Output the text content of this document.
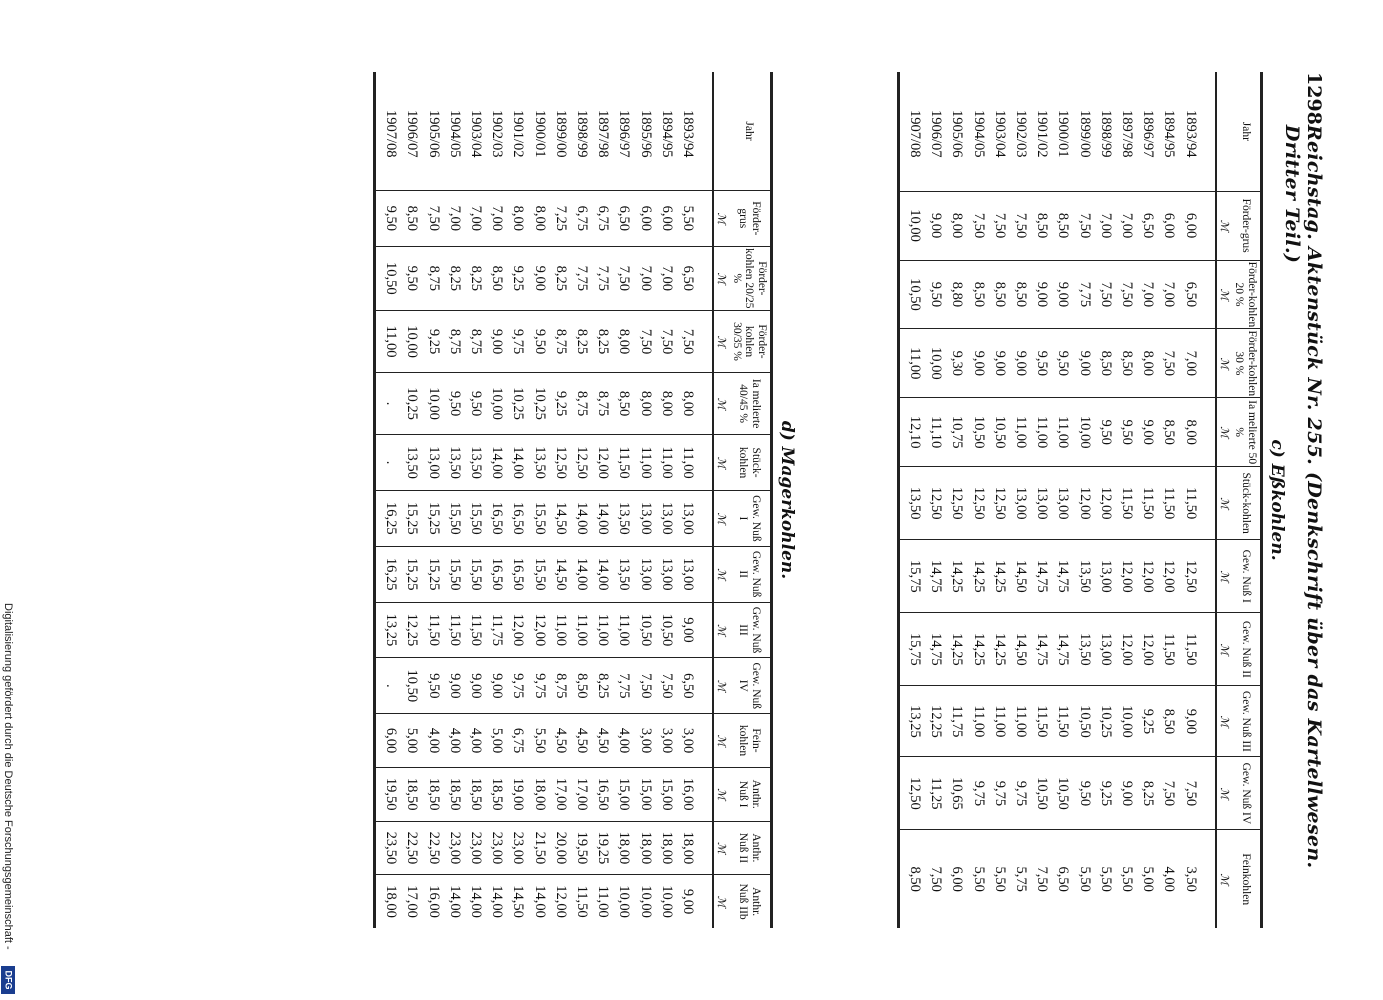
1298
Reichstag. Aktenstück Nr. 255. (Denkschrift über das Kartellwesen. Dritter Teil.)
c) Eßkohlen.
Jahr	Förder-grus	Förder-kohlen 20 %	Förder-kohlen 30 %	Ia melierte 50 %	Stück-kohlen	Gew. Nuß I	Gew. Nuß II	Gew. Nuß III	Gew. Nuß IV	Feinkohlen
	ℳ	ℳ	ℳ	ℳ	ℳ	ℳ	ℳ	ℳ	ℳ	ℳ
1893/94	6,00	6,50	7,00	8,00	11,50	12,50	11,50	9,00	7,50	3,50
1894/95	6,00	7,00	7,50	8,50	11,50	12,00	11,50	8,50	7,50	4,00
1896/97	6,50	7,00	8,00	9,00	11,50	12,00	12,00	9,25	8,25	5,00
1897/98	7,00	7,50	8,50	9,50	11,50	12,00	12,00	10,00	9,00	5,50
1898/99	7,00	7,50	8,50	9,50	12,00	13,00	13,00	10,25	9,25	5,50
1899/00	7,50	7,75	9,00	10,00	12,00	13,50	13,50	10,50	9,50	5,50
1900/01	8,50	9,00	9,50	11,00	13,00	14,75	14,75	11,50	10,50	6,50
1901/02	8,50	9,00	9,50	11,00	13,00	14,75	14,75	11,50	10,50	7,50
1902/03	7,50	8,50	9,00	11,00	13,00	14,50	14,50	11,00	9,75	5,75
1903/04	7,50	8,50	9,00	10,50	12,50	14,25	14,25	11,00	9,75	5,50
1904/05	7,50	8,50	9,00	10,50	12,50	14,25	14,25	11,00	9,75	5,50
1905/06	8,00	8,80	9,30	10,75	12,50	14,25	14,25	11,75	10,65	6,00
1906/07	9,00	9,50	10,00	11,10	12,50	14,75	14,75	12,25	11,25	7,50
1907/08	10,00	10,50	11,00	12,10	13,50	15,75	15,75	13,25	12,50	8,50
d) Magerkohlen.
Jahr	Förder-grus	Förder-kohlen 20/25 %	Förder-kohlen 30/35 %	Ia melierte 40/45 %	Stück-kohlen	Gew. Nuß I	Gew. Nuß II	Gew. Nuß III	Gew. Nuß IV	Fein-kohlen	Anthr. Nuß I	Anthr. Nuß II	Anthr. Nuß IIb
	ℳ	ℳ	ℳ	ℳ	ℳ	ℳ	ℳ	ℳ	ℳ	ℳ	ℳ	ℳ	ℳ
1893/94	5,50	6,50	7,50	8,00	11,00	13,00	13,00	9,00	6,50	3,00	16,00	18,00	9,00
1894/95	6,00	7,00	7,50	8,00	11,00	13,00	13,00	10,50	7,50	3,00	15,00	18,00	10,00
1895/96	6,00	7,00	7,50	8,00	11,00	13,00	13,00	10,50	7,50	3,00	15,00	18,00	10,00
1896/97	6,50	7,50	8,00	8,50	11,50	13,50	13,50	11,00	7,75	4,00	15,00	18,00	10,00
1897/98	6,75	7,75	8,25	8,75	12,00	14,00	14,00	11,00	8,25	4,50	16,50	19,25	11,00
1898/99	6,75	7,75	8,25	8,75	12,50	14,00	14,00	11,00	8,50	4,50	17,00	19,50	11,50
1899/00	7,25	8,25	8,75	9,25	12,50	14,50	14,50	11,00	8,75	4,50	17,00	20,00	12,00
1900/01	8,00	9,00	9,50	10,25	13,50	15,50	15,50	12,00	9,75	5,50	18,00	21,50	14,00
1901/02	8,00	9,25	9,75	10,25	14,00	16,50	16,50	12,00	9,75	6,75	19,00	23,00	14,50
1902/03	7,00	8,50	9,00	10,00	14,00	16,50	16,50	11,75	9,00	5,00	18,50	23,00	14,00
1903/04	7,00	8,25	8,75	9,50	13,50	15,50	15,50	11,50	9,00	4,00	18,50	23,00	14,00
1904/05	7,00	8,25	8,75	9,50	13,50	15,50	15,50	11,50	9,00	4,00	18,50	23,00	14,00
1905/06	7,50	8,75	9,25	10,00	13,00	15,25	15,25	11,50	9,50	4,00	18,50	22,50	16,00
1906/07	8,50	9,50	10,00	10,25	13,50	15,25	15,25	12,25	10,50	5,00	18,50	22,50	17,00
1907/08	9,50	10,50	11,00	.	.	16,25	16,25	13,25	.	6,00	19,50	23,50	18,00
Digitalisierung gefördert durch die Deutsche Forschungsgemeinschaft -
DFG
